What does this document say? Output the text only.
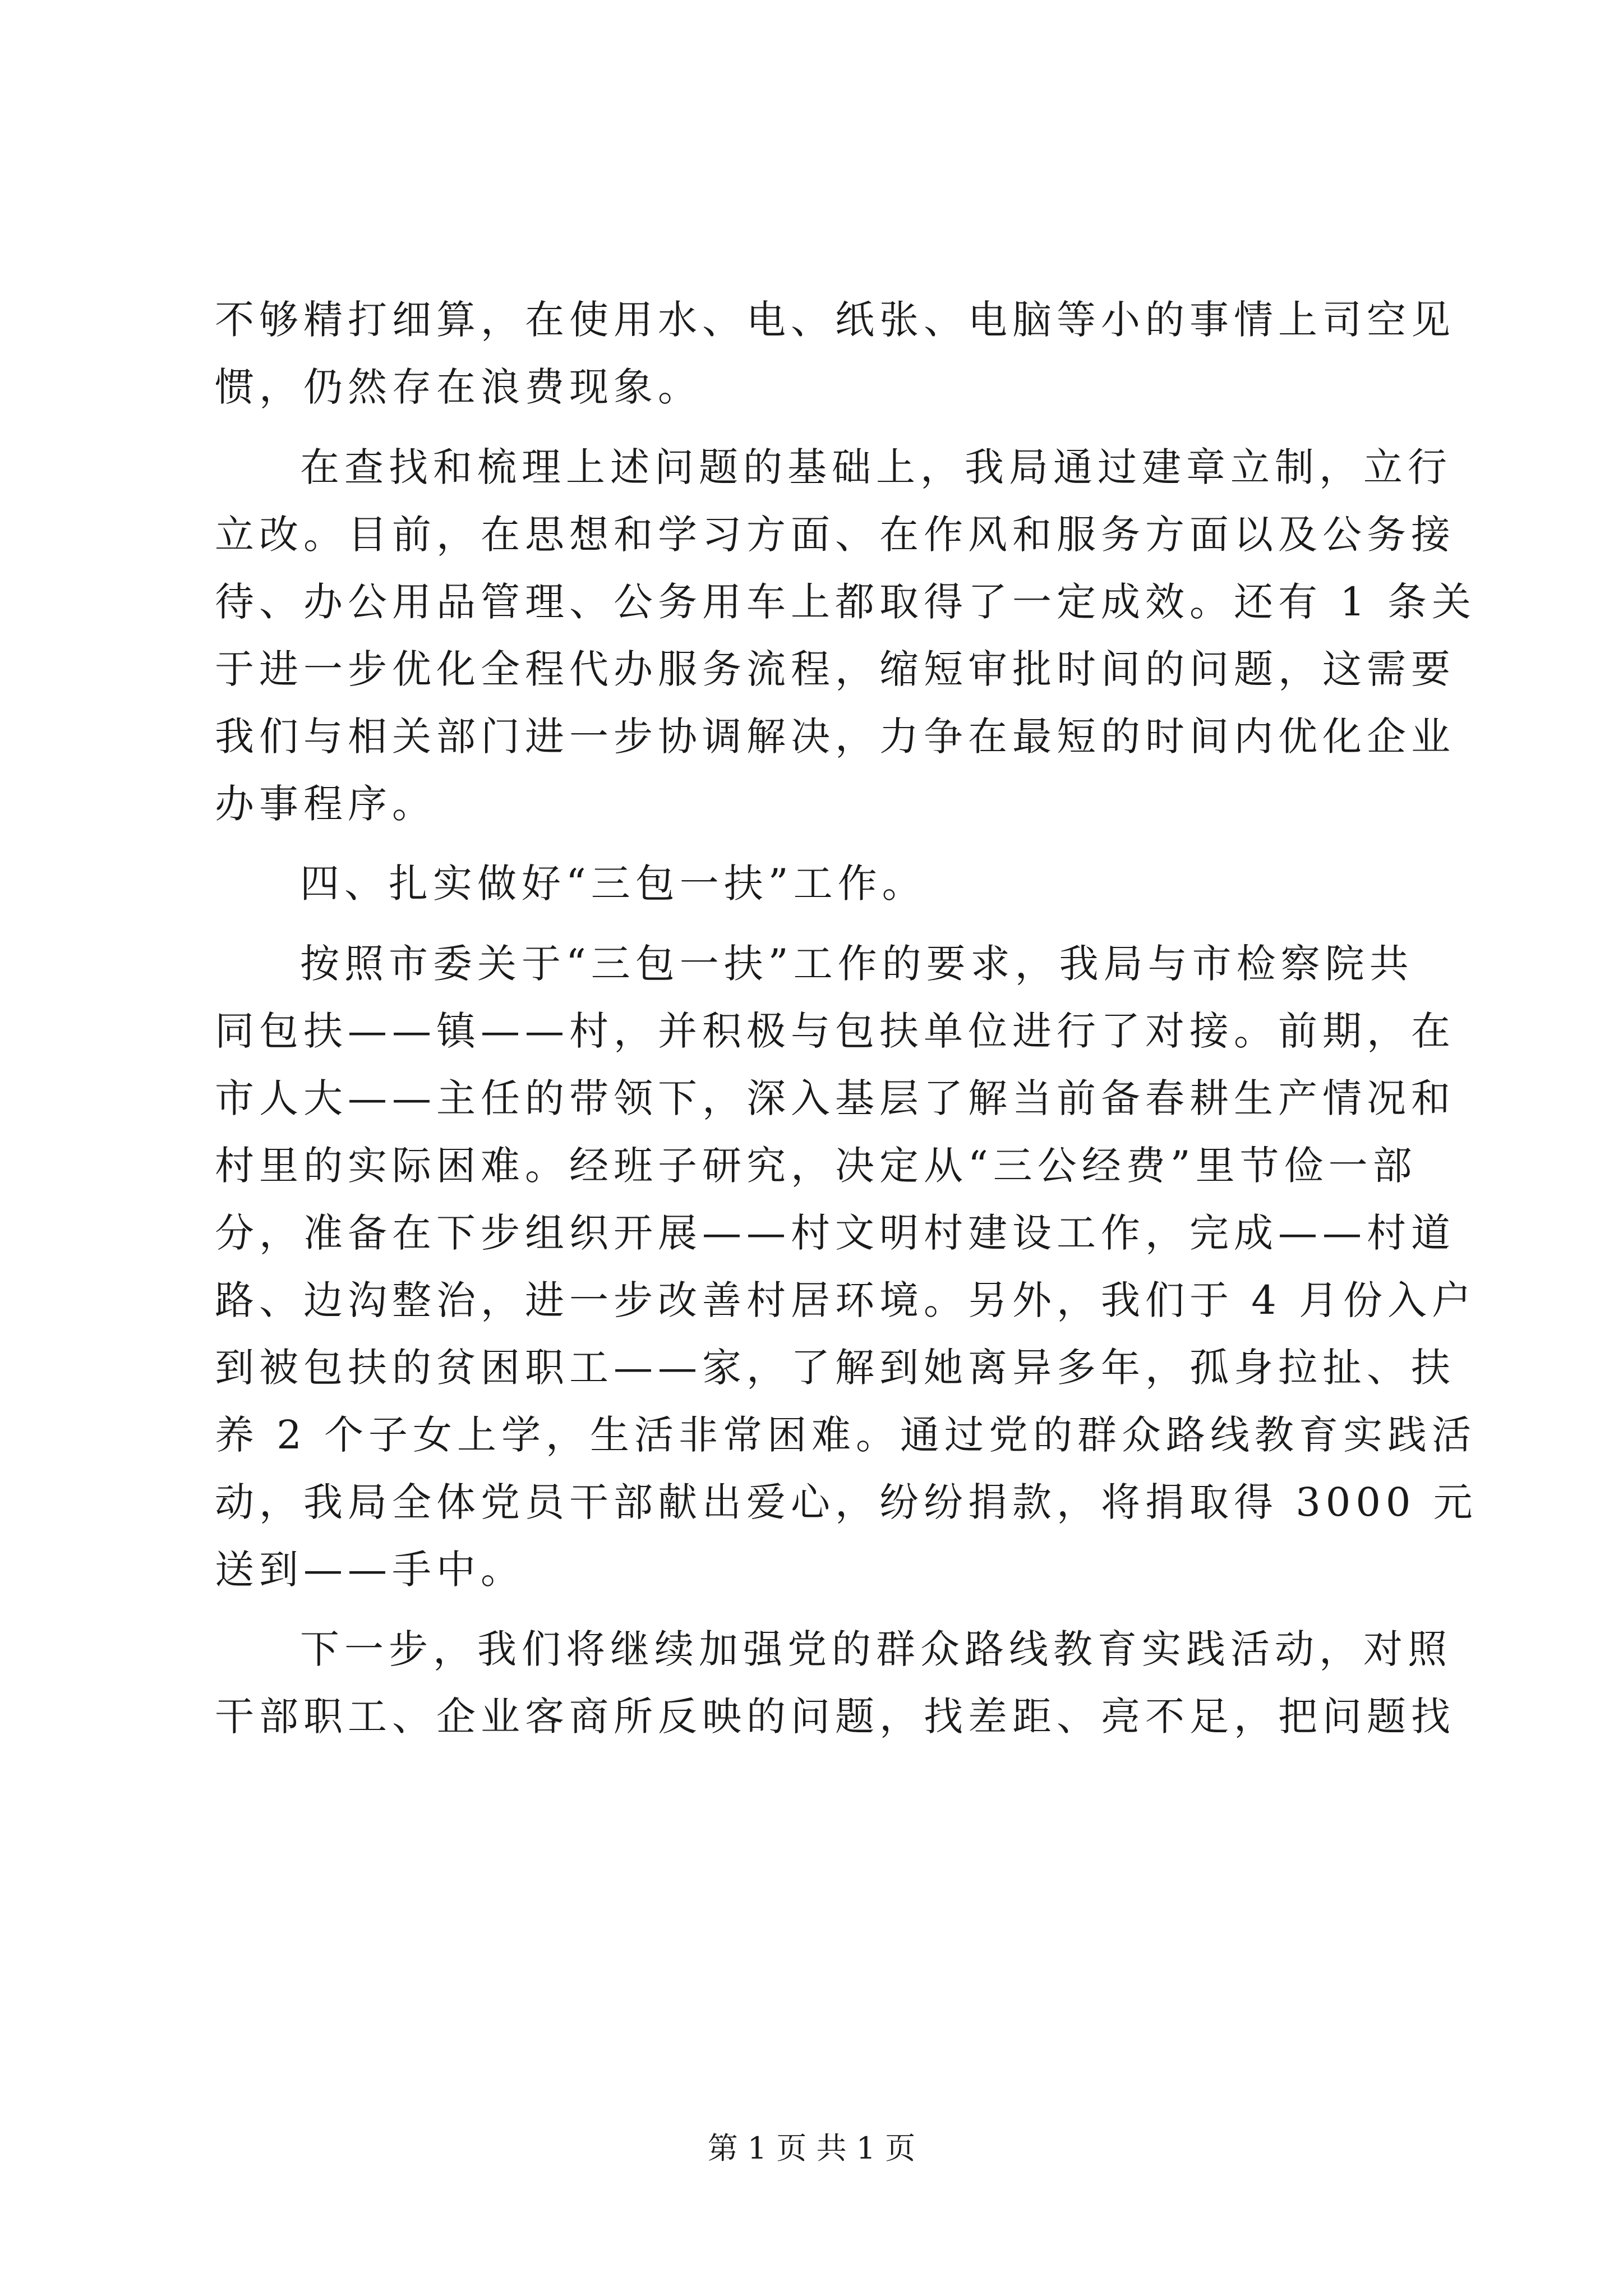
不够精打细算，在使用水、电、纸张、电脑等小的事情上司空见
惯，仍然存在浪费现象。
在查找和梳理上述问题的基础上，我局通过建章立制，立行
立改。目前，在思想和学习方面、在作风和服务方面以及公务接
待、办公用品管理、公务用车上都取得了一定成效。还有 1 条关
于进一步优化全程代办服务流程，缩短审批时间的问题，这需要
我们与相关部门进一步协调解决，力争在最短的时间内优化企业
办事程序。
四、扎实做好“三包一扶”工作。
按照市委关于“三包一扶”工作的要求，我局与市检察院共
同包扶——镇——村，并积极与包扶单位进行了对接。前期，在
市人大——主任的带领下，深入基层了解当前备春耕生产情况和
村里的实际困难。经班子研究，决定从“三公经费”里节俭一部
分，准备在下步组织开展——村文明村建设工作，完成——村道
路、边沟整治，进一步改善村居环境。另外，我们于 4 月份入户
到被包扶的贫困职工——家，了解到她离异多年，孤身拉扯、扶
养 2 个子女上学，生活非常困难。通过党的群众路线教育实践活
动，我局全体党员干部献出爱心，纷纷捐款，将捐取得 3000 元
送到——手中。
下一步，我们将继续加强党的群众路线教育实践活动，对照
干部职工、企业客商所反映的问题，找差距、亮不足，把问题找
第 1 页 共 1 页
